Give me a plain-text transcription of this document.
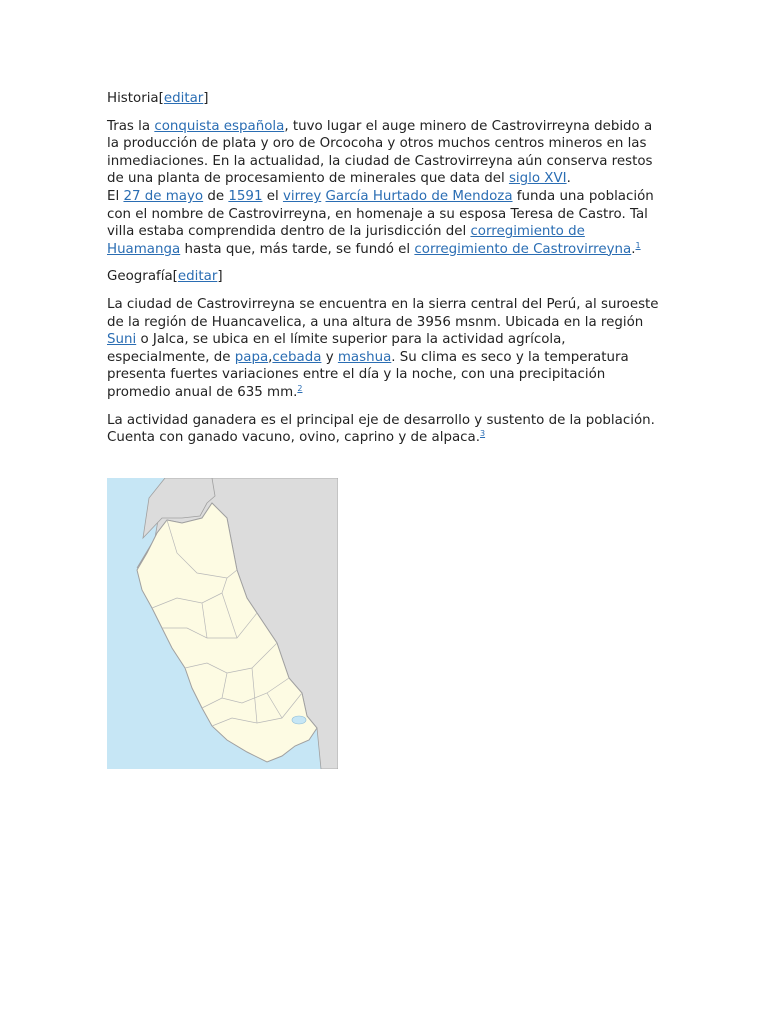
Historia[editar]

Tras la conquista española, tuvo lugar el auge minero de Castrovirreyna debido a la producción de plata y oro de Orcocoha y otros muchos centros mineros en las inmediaciones. En la actualidad, la ciudad de Castrovirreyna aún conserva restos de una planta de procesamiento de minerales que data del siglo XVI.
El 27 de mayo de 1591 el virrey García Hurtado de Mendoza funda una población con el nombre de Castrovirreyna, en homenaje a su esposa Teresa de Castro. Tal villa estaba comprendida dentro de la jurisdicción del corregimiento de Huamanga hasta que, más tarde, se fundó el corregimiento de Castrovirreyna.$^1$

Geografía[editar]

La ciudad de Castrovirreyna se encuentra en la sierra central del Perú, al suroeste de la región de Huancavelica, a una altura de 3956 msnm. Ubicada en la región Suni o Jalca, se ubica en el límite superior para la actividad agrícola, especialmente, de papa,cebada y mashua. Su clima es seco y la temperatura presenta fuertes variaciones entre el día y la noche, con una precipitación promedio anual de 635 mm.$^2$

La actividad ganadera es el principal eje de desarrollo y sustento de la población. Cuenta con ganado vacuno, ovino, caprino y de alpaca.$^3$
